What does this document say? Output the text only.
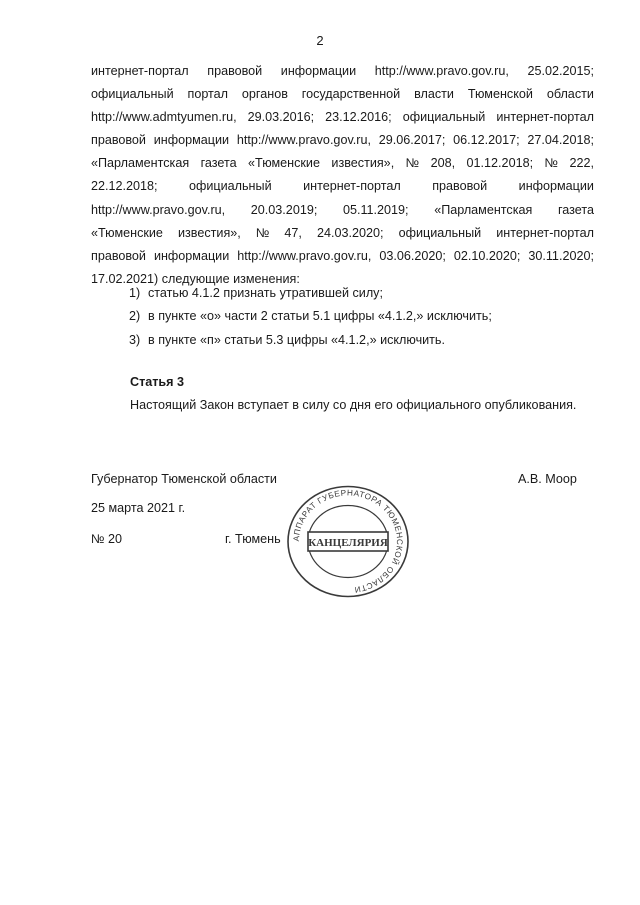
2
интернет-портал правовой информации http://www.pravo.gov.ru, 25.02.2015;
официальный портал органов государственной власти Тюменской области
http://www.admtyumen.ru, 29.03.2016; 23.12.2016; официальный интернет-портал
правовой информации http://www.pravo.gov.ru, 29.06.2017; 06.12.2017; 27.04.2018;
«Парламентская газета «Тюменские известия», № 208, 01.12.2018; № 222,
22.12.2018; официальный интернет-портал правовой информации
http://www.pravo.gov.ru, 20.03.2019; 05.11.2019; «Парламентская газета
«Тюменские известия», № 47, 24.03.2020; официальный интернет-портал
правовой информации http://www.pravo.gov.ru, 03.06.2020; 02.10.2020; 30.11.2020;
17.02.2021) следующие изменения:
1) статью 4.1.2 признать утратившей силу;
2) в пункте «о» части 2 статьи 5.1 цифры «4.1.2,» исключить;
3) в пункте «п» статьи 5.3 цифры «4.1.2,» исключить.
Статья 3
Настоящий Закон вступает в силу со дня его официального опубликования.
Губернатор Тюменской области	А.В. Моор
25 марта 2021 г.
№ 20	г. Тюмень АППАРАТ ГУБЕРНАТОРА ТЮМЕНСКОЙ ОБЛАСТИ
КАНЦЕЛЯРИЯ
